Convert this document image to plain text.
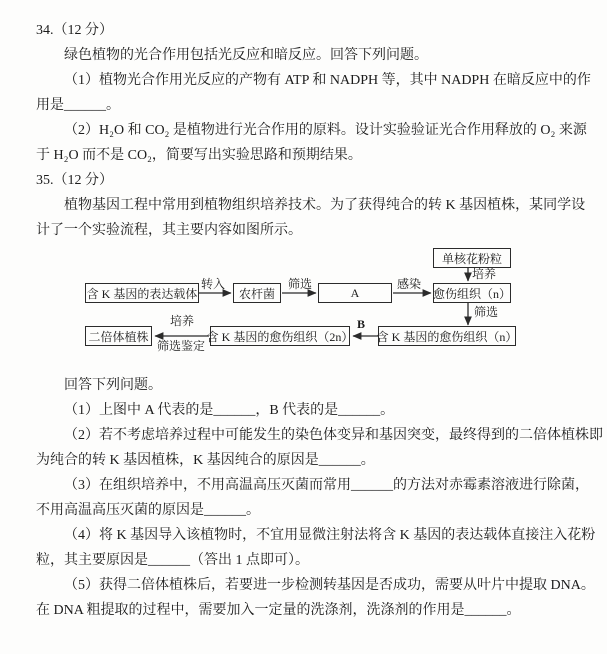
34.（12 分）
绿色植物的光合作用包括光反应和暗反应。回答下列问题。
（1）植物光合作用光反应的产物有 ATP 和 NADPH 等，其中 NADPH 在暗反应中的作
用是______。
（2）H₂O 和 CO₂ 是植物进行光合作用的原料。设计实验验证光合作用释放的 O₂ 来源
于 H₂O 而不是 CO₂，简要写出实验思路和预期结果。
35.（12 分）
植物基因工程中常用到植物组织培养技术。为了获得纯合的转 K 基因植株，某同学设
计了一个实验流程，其主要内容如图所示。
单核花粉粒
含 K 基因的表达载体	农杆菌	A	愈伤组织（n）
含 K 基因的愈伤组织（n）
含 K 基因的愈伤组织（2n）
二倍体植株
转入	筛选	感染
培养
筛选
B
培养
筛选鉴定
回答下列问题。
（1）上图中 A 代表的是______，B 代表的是______。
（2）若不考虑培养过程中可能发生的染色体变异和基因突变，最终得到的二倍体植株即
为纯合的转 K 基因植株，K 基因纯合的原因是______。
（3）在组织培养中，不用高温高压灭菌而常用______的方法对赤霉素溶液进行除菌，
不用高温高压灭菌的原因是______。
（4）将 K 基因导入该植物时，不宜用显微注射法将含 K 基因的表达载体直接注入花粉
粒，其主要原因是______（答出 1 点即可）。
（5）获得二倍体植株后，若要进一步检测转基因是否成功，需要从叶片中提取 DNA。
在 DNA 粗提取的过程中，需要加入一定量的洗涤剂，洗涤剂的作用是______。
